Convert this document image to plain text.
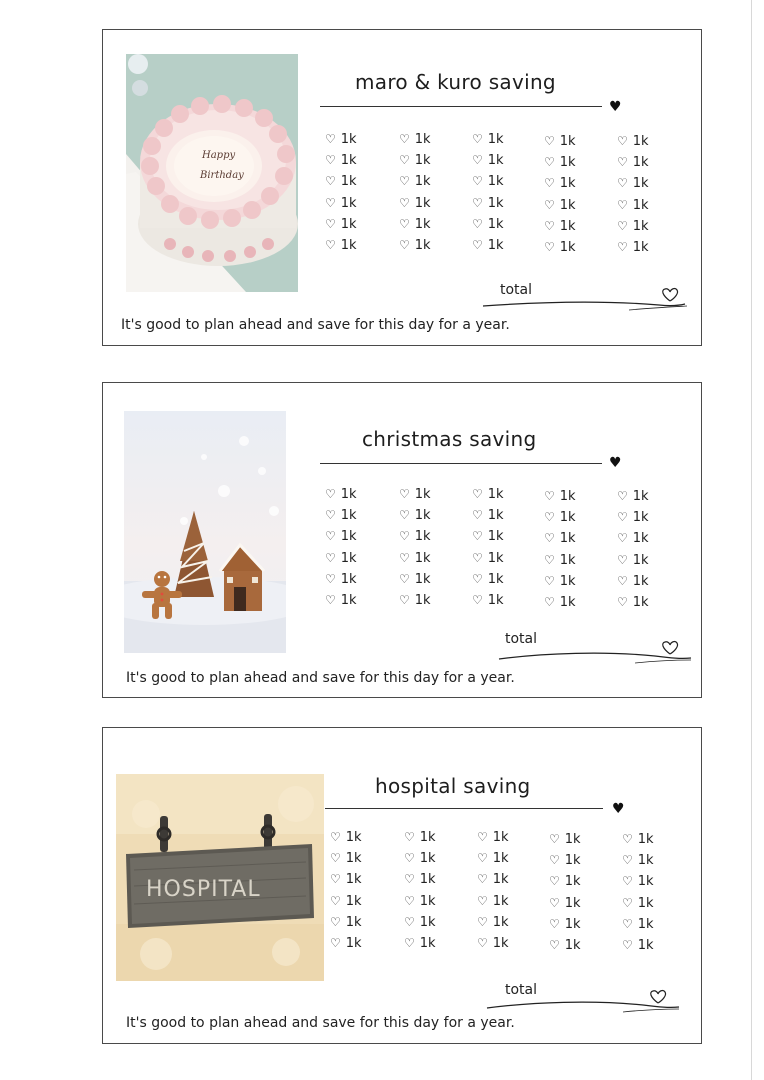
Happy
Birthday
maro & kuro saving
♥
♡ 1k	♡ 1k	♡ 1k	♡ 1k	♡ 1k
♡ 1k	♡ 1k	♡ 1k	♡ 1k	♡ 1k
♡ 1k	♡ 1k	♡ 1k	♡ 1k	♡ 1k
♡ 1k	♡ 1k	♡ 1k	♡ 1k	♡ 1k
♡ 1k	♡ 1k	♡ 1k	♡ 1k	♡ 1k
♡ 1k	♡ 1k	♡ 1k	♡ 1k	♡ 1k
total
It's good to plan ahead and save for this day for a year.
christmas saving
♥
♡ 1k	♡ 1k	♡ 1k	♡ 1k	♡ 1k
♡ 1k	♡ 1k	♡ 1k	♡ 1k	♡ 1k
♡ 1k	♡ 1k	♡ 1k	♡ 1k	♡ 1k
♡ 1k	♡ 1k	♡ 1k	♡ 1k	♡ 1k
♡ 1k	♡ 1k	♡ 1k	♡ 1k	♡ 1k
♡ 1k	♡ 1k	♡ 1k	♡ 1k	♡ 1k
total
It's good to plan ahead and save for this day for a year.
HOSPITAL
hospital saving
♥
♡ 1k	♡ 1k	♡ 1k	♡ 1k	♡ 1k
♡ 1k	♡ 1k	♡ 1k	♡ 1k	♡ 1k
♡ 1k	♡ 1k	♡ 1k	♡ 1k	♡ 1k
♡ 1k	♡ 1k	♡ 1k	♡ 1k	♡ 1k
♡ 1k	♡ 1k	♡ 1k	♡ 1k	♡ 1k
♡ 1k	♡ 1k	♡ 1k	♡ 1k	♡ 1k
total
It's good to plan ahead and save for this day for a year.
